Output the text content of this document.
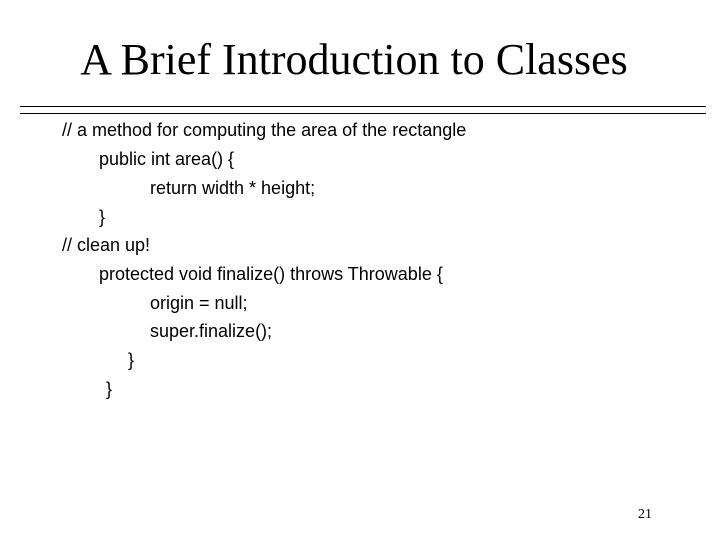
A Brief Introduction to Classes
// a method for computing the area of the rectangle
public int area() {
return width * height;
}
// clean up!
protected void finalize() throws Throwable {
origin = null;
super.finalize();
}
}
21
